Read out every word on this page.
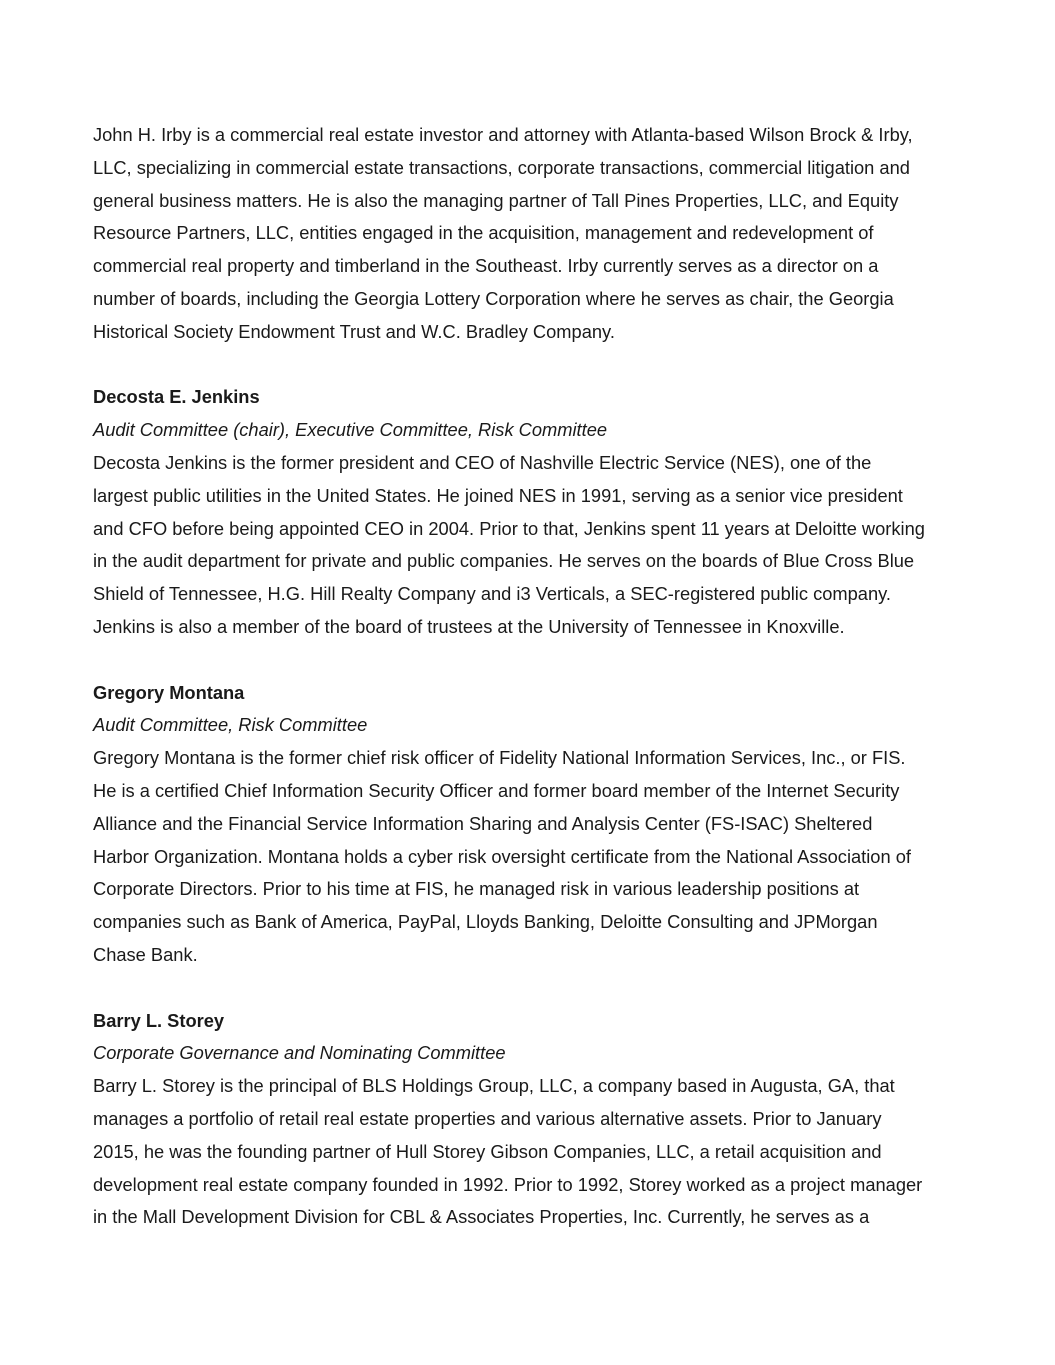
John H. Irby is a commercial real estate investor and attorney with Atlanta-based Wilson Brock & Irby,
LLC, specializing in commercial estate transactions, corporate transactions, commercial litigation and
general business matters. He is also the managing partner of Tall Pines Properties, LLC, and Equity
Resource Partners, LLC, entities engaged in the acquisition, management and redevelopment of
commercial real property and timberland in the Southeast. Irby currently serves as a director on a
number of boards, including the Georgia Lottery Corporation where he serves as chair, the Georgia
Historical Society Endowment Trust and W.C. Bradley Company.

Decosta E. Jenkins

Audit Committee (chair), Executive Committee, Risk Committee

Decosta Jenkins is the former president and CEO of Nashville Electric Service (NES), one of the
largest public utilities in the United States. He joined NES in 1991, serving as a senior vice president
and CFO before being appointed CEO in 2004. Prior to that, Jenkins spent 11 years at Deloitte working
in the audit department for private and public companies. He serves on the boards of Blue Cross Blue
Shield of Tennessee, H.G. Hill Realty Company and i3 Verticals, a SEC-registered public company.
Jenkins is also a member of the board of trustees at the University of Tennessee in Knoxville.

Gregory Montana

Audit Committee, Risk Committee

Gregory Montana is the former chief risk officer of Fidelity National Information Services, Inc., or FIS.
He is a certified Chief Information Security Officer and former board member of the Internet Security
Alliance and the Financial Service Information Sharing and Analysis Center (FS-ISAC) Sheltered
Harbor Organization. Montana holds a cyber risk oversight certificate from the National Association of
Corporate Directors. Prior to his time at FIS, he managed risk in various leadership positions at
companies such as Bank of America, PayPal, Lloyds Banking, Deloitte Consulting and JPMorgan
Chase Bank.

Barry L. Storey

Corporate Governance and Nominating Committee

Barry L. Storey is the principal of BLS Holdings Group, LLC, a company based in Augusta, GA, that
manages a portfolio of retail real estate properties and various alternative assets. Prior to January
2015, he was the founding partner of Hull Storey Gibson Companies, LLC, a retail acquisition and
development real estate company founded in 1992. Prior to 1992, Storey worked as a project manager
in the Mall Development Division for CBL & Associates Properties, Inc. Currently, he serves as a
